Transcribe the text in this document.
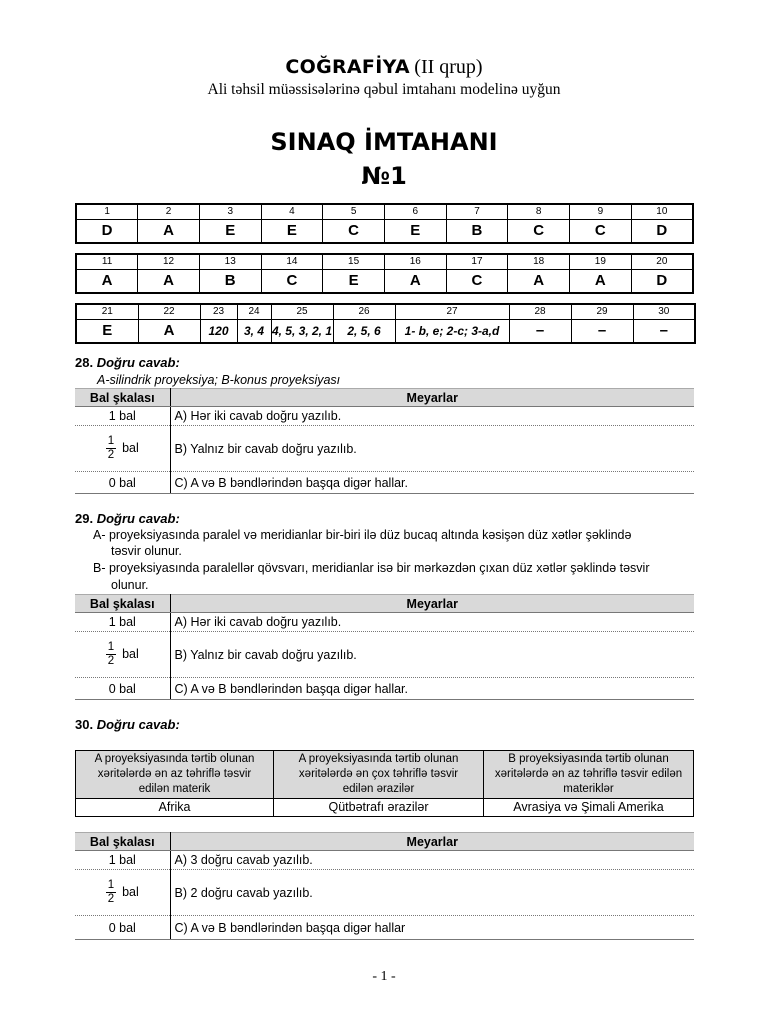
COĞRAFİYA (II qrup)
Ali təhsil müəssisələrinə qəbul imtahanı modelinə uyğun
SINAQ İMTAHANI
№1
1	2	3	4	5	6	7	8	9	10
D	A	E	E	C	E	B	C	C	D
11	12	13	14	15	16	17	18	19	20
A	A	B	C	E	A	C	A	A	D
21	22	23	24	25	26	27	28	29	30
E	A	120	3, 4	4, 5, 3, 2, 1	2, 5, 6	1- b, e; 2-c; 3-a,d	–	–	–
28. Doğru cavab:
A-silindrik proyeksiya; B-konus proyeksiyası
Bal şkalası	Meyarlar
1 bal	A) Hər iki cavab doğru yazılıb.

$\frac{1}{2}$ bal	B) Yalnız bir cavab doğru yazılıb.
0 bal	C) A və B bəndlərindən başqa digər hallar.
29. Doğru cavab:
A- proyeksiyasında paralel və meridianlar bir-biri ilə düz bucaq altında kəsişən düz xətlər şəklində
təsvir olunur.
B- proyeksiyasında paralellər qövsvarı, meridianlar isə bir mərkəzdən çıxan düz xətlər şəklində təsvir
olunur.
Bal şkalası	Meyarlar
1 bal	A) Hər iki cavab doğru yazılıb.

$\frac{1}{2}$ bal	B) Yalnız bir cavab doğru yazılıb.
0 bal	C) A və B bəndlərindən başqa digər hallar.
30. Doğru cavab:
A proyeksiyasında tərtib olunan xəritələrdə ən az təhriflə təsvir edilən materik	A proyeksiyasında tərtib olunan xəritələrdə ən çox təhriflə təsvir edilən ərazilər	B proyeksiyasında tərtib olunan xəritələrdə ən az təhriflə təsvir edilən materiklər
Afrika	Qütbətrafı ərazilər	Avrasiya və Şimali Amerika
Bal şkalası	Meyarlar
1 bal	A) 3 doğru cavab yazılıb.

$\frac{1}{2}$ bal	B) 2 doğru cavab yazılıb.
0 bal	C) A və B bəndlərindən başqa digər hallar
- 1 -
